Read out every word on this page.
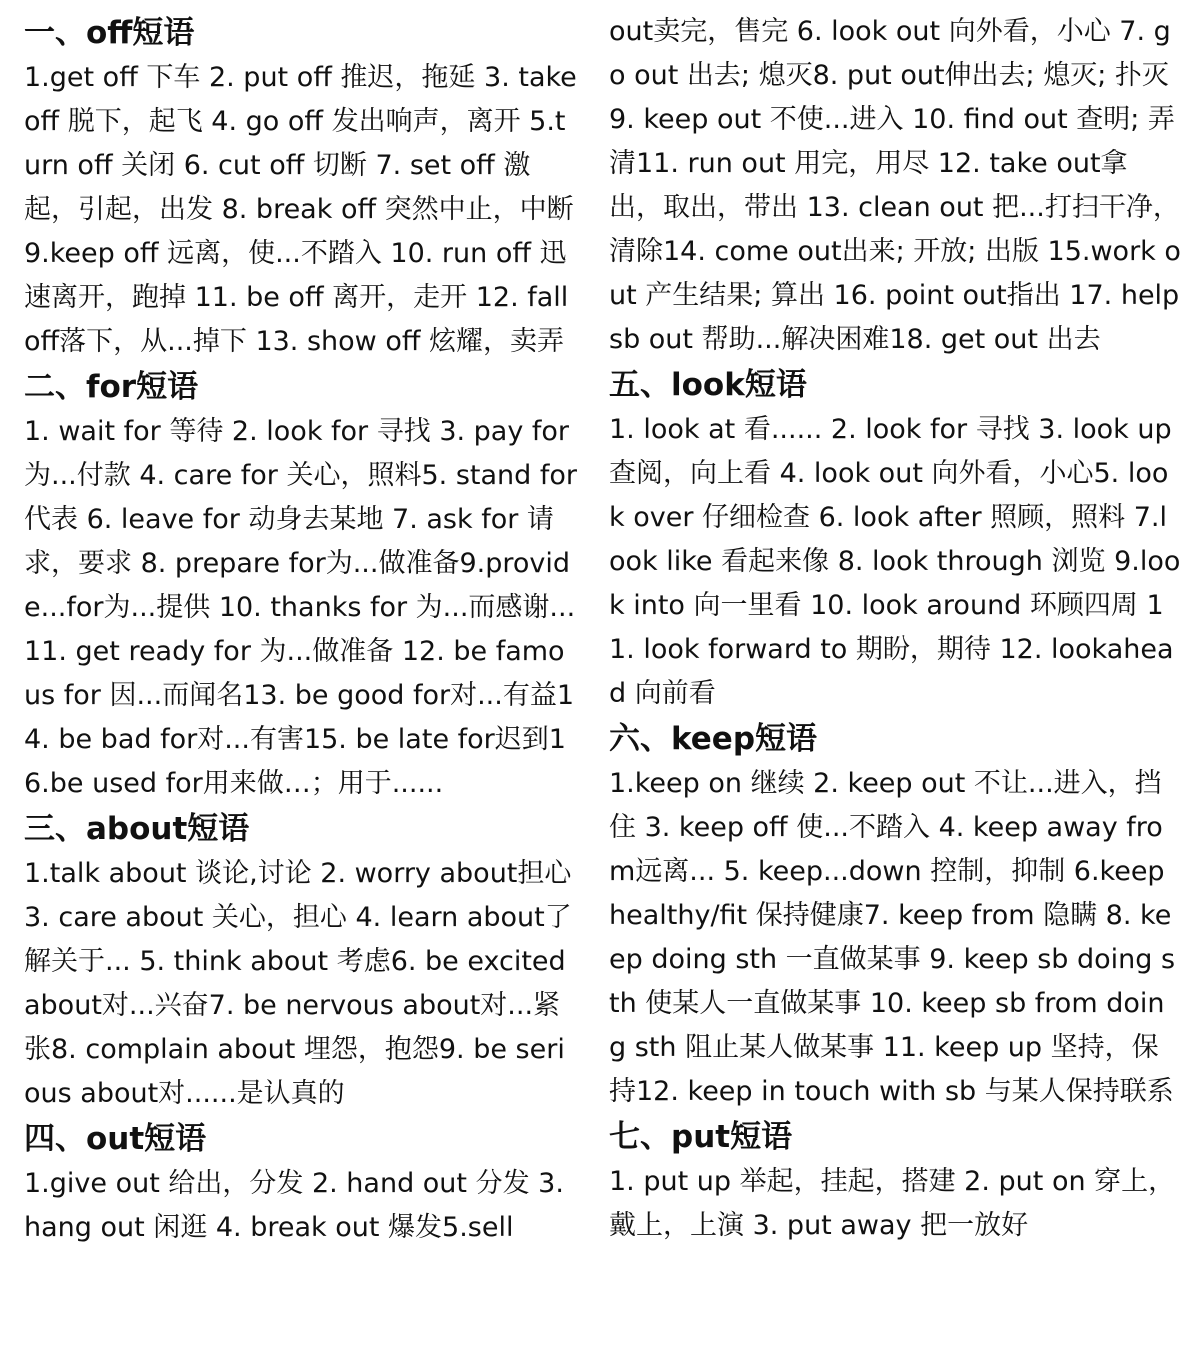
一、off短语

1.get off 下车 2. put off 推迟，拖延 3. take off 脱下，起飞 4. go off 发出响声，离开 5.turn off 关闭 6. cut off 切断 7. set off 激起，引起，出发 8. break off 突然中止，中断 9.keep off 远离，使...不踏入 10. run off 迅速离开，跑掉 11. be off 离开，走开 12. fall off落下，从...掉下 13. show off 炫耀，卖弄

二、for短语

1. wait for 等待 2. look for 寻找 3. pay for为...付款 4. care for 关心，照料5. stand for代表 6. leave for 动身去某地 7. ask for 请求，要求 8. prepare for为...做准备9.provide...for为...提供 10. thanks for 为...而感谢...11. get ready for 为...做准备 12. be famous for 因...而闻名13. be good for对...有益14. be bad for对...有害15. be late for迟到16.be used for用来做…；用于......

三、about短语

1.talk about 谈论,讨论 2. worry about担心3. care about 关心，担心 4. learn about了解关于... 5. think about 考虑6. be excited about对...兴奋7. be nervous about对...紧张8. complain about 埋怨，抱怨9. be serious about对......是认真的

四、out短语

1.give out 给出，分发 2. hand out 分发 3.hang out 闲逛 4. break out 爆发5.sell

out卖完，售完 6. look out 向外看，小心 7. go out 出去; 熄灭8. put out伸出去; 熄灭; 扑灭 9. keep out 不使...进入 10. find out 查明; 弄清11. run out 用完，用尽 12. take out拿出，取出，带出 13. clean out 把...打扫干净，清除14. come out出来; 开放; 出版 15.work out 产生结果; 算出 16. point out指出 17. help sb out 帮助...解决困难18. get out 出去

五、look短语

1. look at 看...... 2. look for 寻找 3. look up查阅，向上看 4. look out 向外看，小心5. look over 仔细检查 6. look after 照顾，照料 7.look like 看起来像 8. look through 浏览 9.look into 向一里看 10. look around 环顾四周 11. look forward to 期盼，期待 12. lookahead 向前看

六、keep短语

1.keep on 继续 2. keep out 不让...进入，挡住 3. keep off 使...不踏入 4. keep away from远离... 5. keep...down 控制，抑制 6.keep healthy/fit 保持健康7. keep from 隐瞒 8. keep doing sth 一直做某事 9. keep sb doing sth 使某人一直做某事 10. keep sb from doing sth 阻止某人做某事 11. keep up 坚持，保持12. keep in touch with sb 与某人保持联系

七、put短语

1. put up 举起，挂起，搭建 2. put on 穿上，戴上，上演 3. put away 把一放好
